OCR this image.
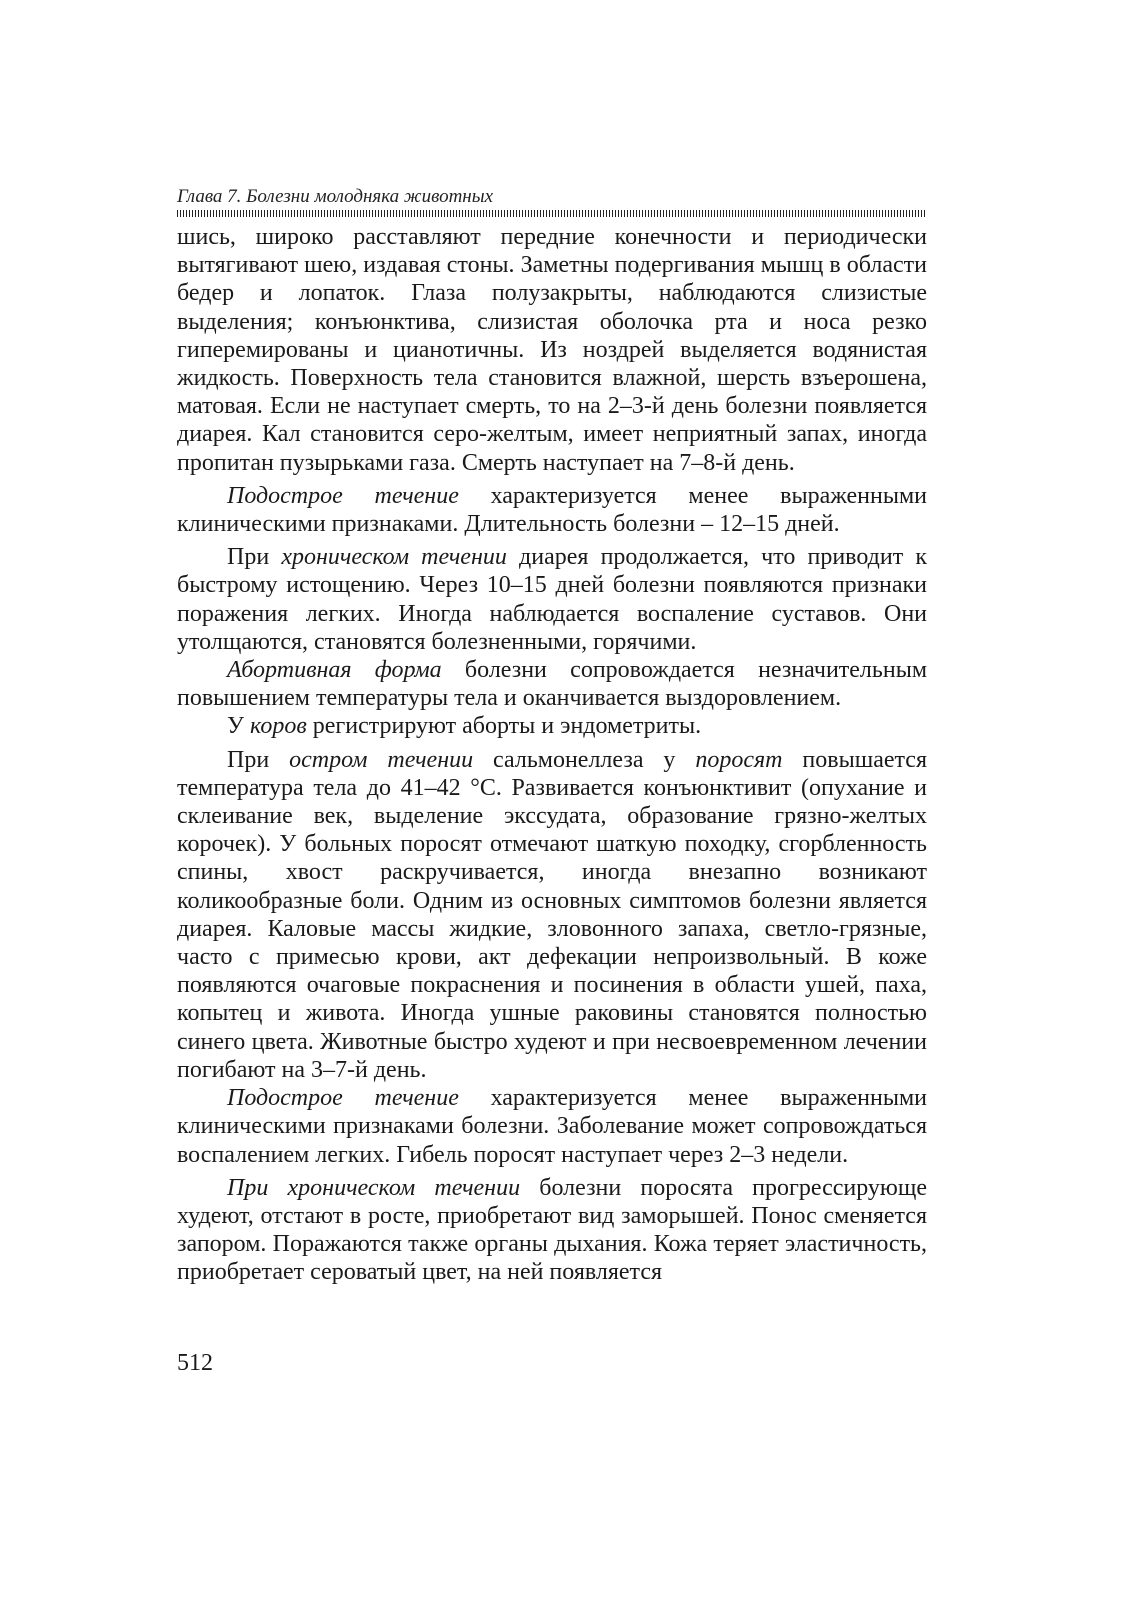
Глава 7. Болезни молодняка животных

шись, широко расставляют передние конечности и периодически вытягивают шею, издавая стоны. Заметны подергивания мышц в области бедер и лопаток. Глаза полузакрыты, наблюдаются слизистые выделения; конъюнктива, слизистая оболочка рта и носа резко гиперемированы и цианотичны. Из ноздрей выделяется водянистая жидкость. Поверхность тела становится влажной, шерсть взъерошена, матовая. Если не наступает смерть, то на 2–3-й день болезни появляется диарея. Кал становится серо-желтым, имеет неприятный запах, иногда пропитан пузырьками газа. Смерть наступает на 7–8-й день.

Подострое течение характеризуется менее выраженными клиническими признаками. Длительность болезни – 12–15 дней.

При хроническом течении диарея продолжается, что приводит к быстрому истощению. Через 10–15 дней болезни появляются признаки поражения легких. Иногда наблюдается воспаление суставов. Они утолщаются, становятся болезненными, горячими.

Абортивная форма болезни сопровождается незначительным повышением температуры тела и оканчивается выздоровлением.

У коров регистрируют аборты и эндометриты.

При остром течении сальмонеллеза у поросят повышается температура тела до 41–42 °С. Развивается конъюнктивит (опухание и склеивание век, выделение экссудата, образование грязно-желтых корочек). У больных поросят отмечают шаткую походку, сгорбленность спины, хвост раскручивается, иногда внезапно возникают коликообразные боли. Одним из основных симптомов болезни является диарея. Каловые массы жидкие, зловонного запаха, светло-грязные, часто с примесью крови, акт дефекации непроизвольный. В коже появляются очаговые покраснения и посинения в области ушей, паха, копытец и живота. Иногда ушные раковины становятся полностью синего цвета. Животные быстро худеют и при несвоевременном лечении погибают на 3–7-й день.

Подострое течение характеризуется менее выраженными клиническими признаками болезни. Заболевание может сопровождаться воспалением легких. Гибель поросят наступает через 2–3 недели.

При хроническом течении болезни поросята прогрессирующе худеют, отстают в росте, приобретают вид заморышей. Понос сменяется запором. Поражаются также органы дыхания. Кожа теряет эластичность, приобретает сероватый цвет, на ней появляется

512
